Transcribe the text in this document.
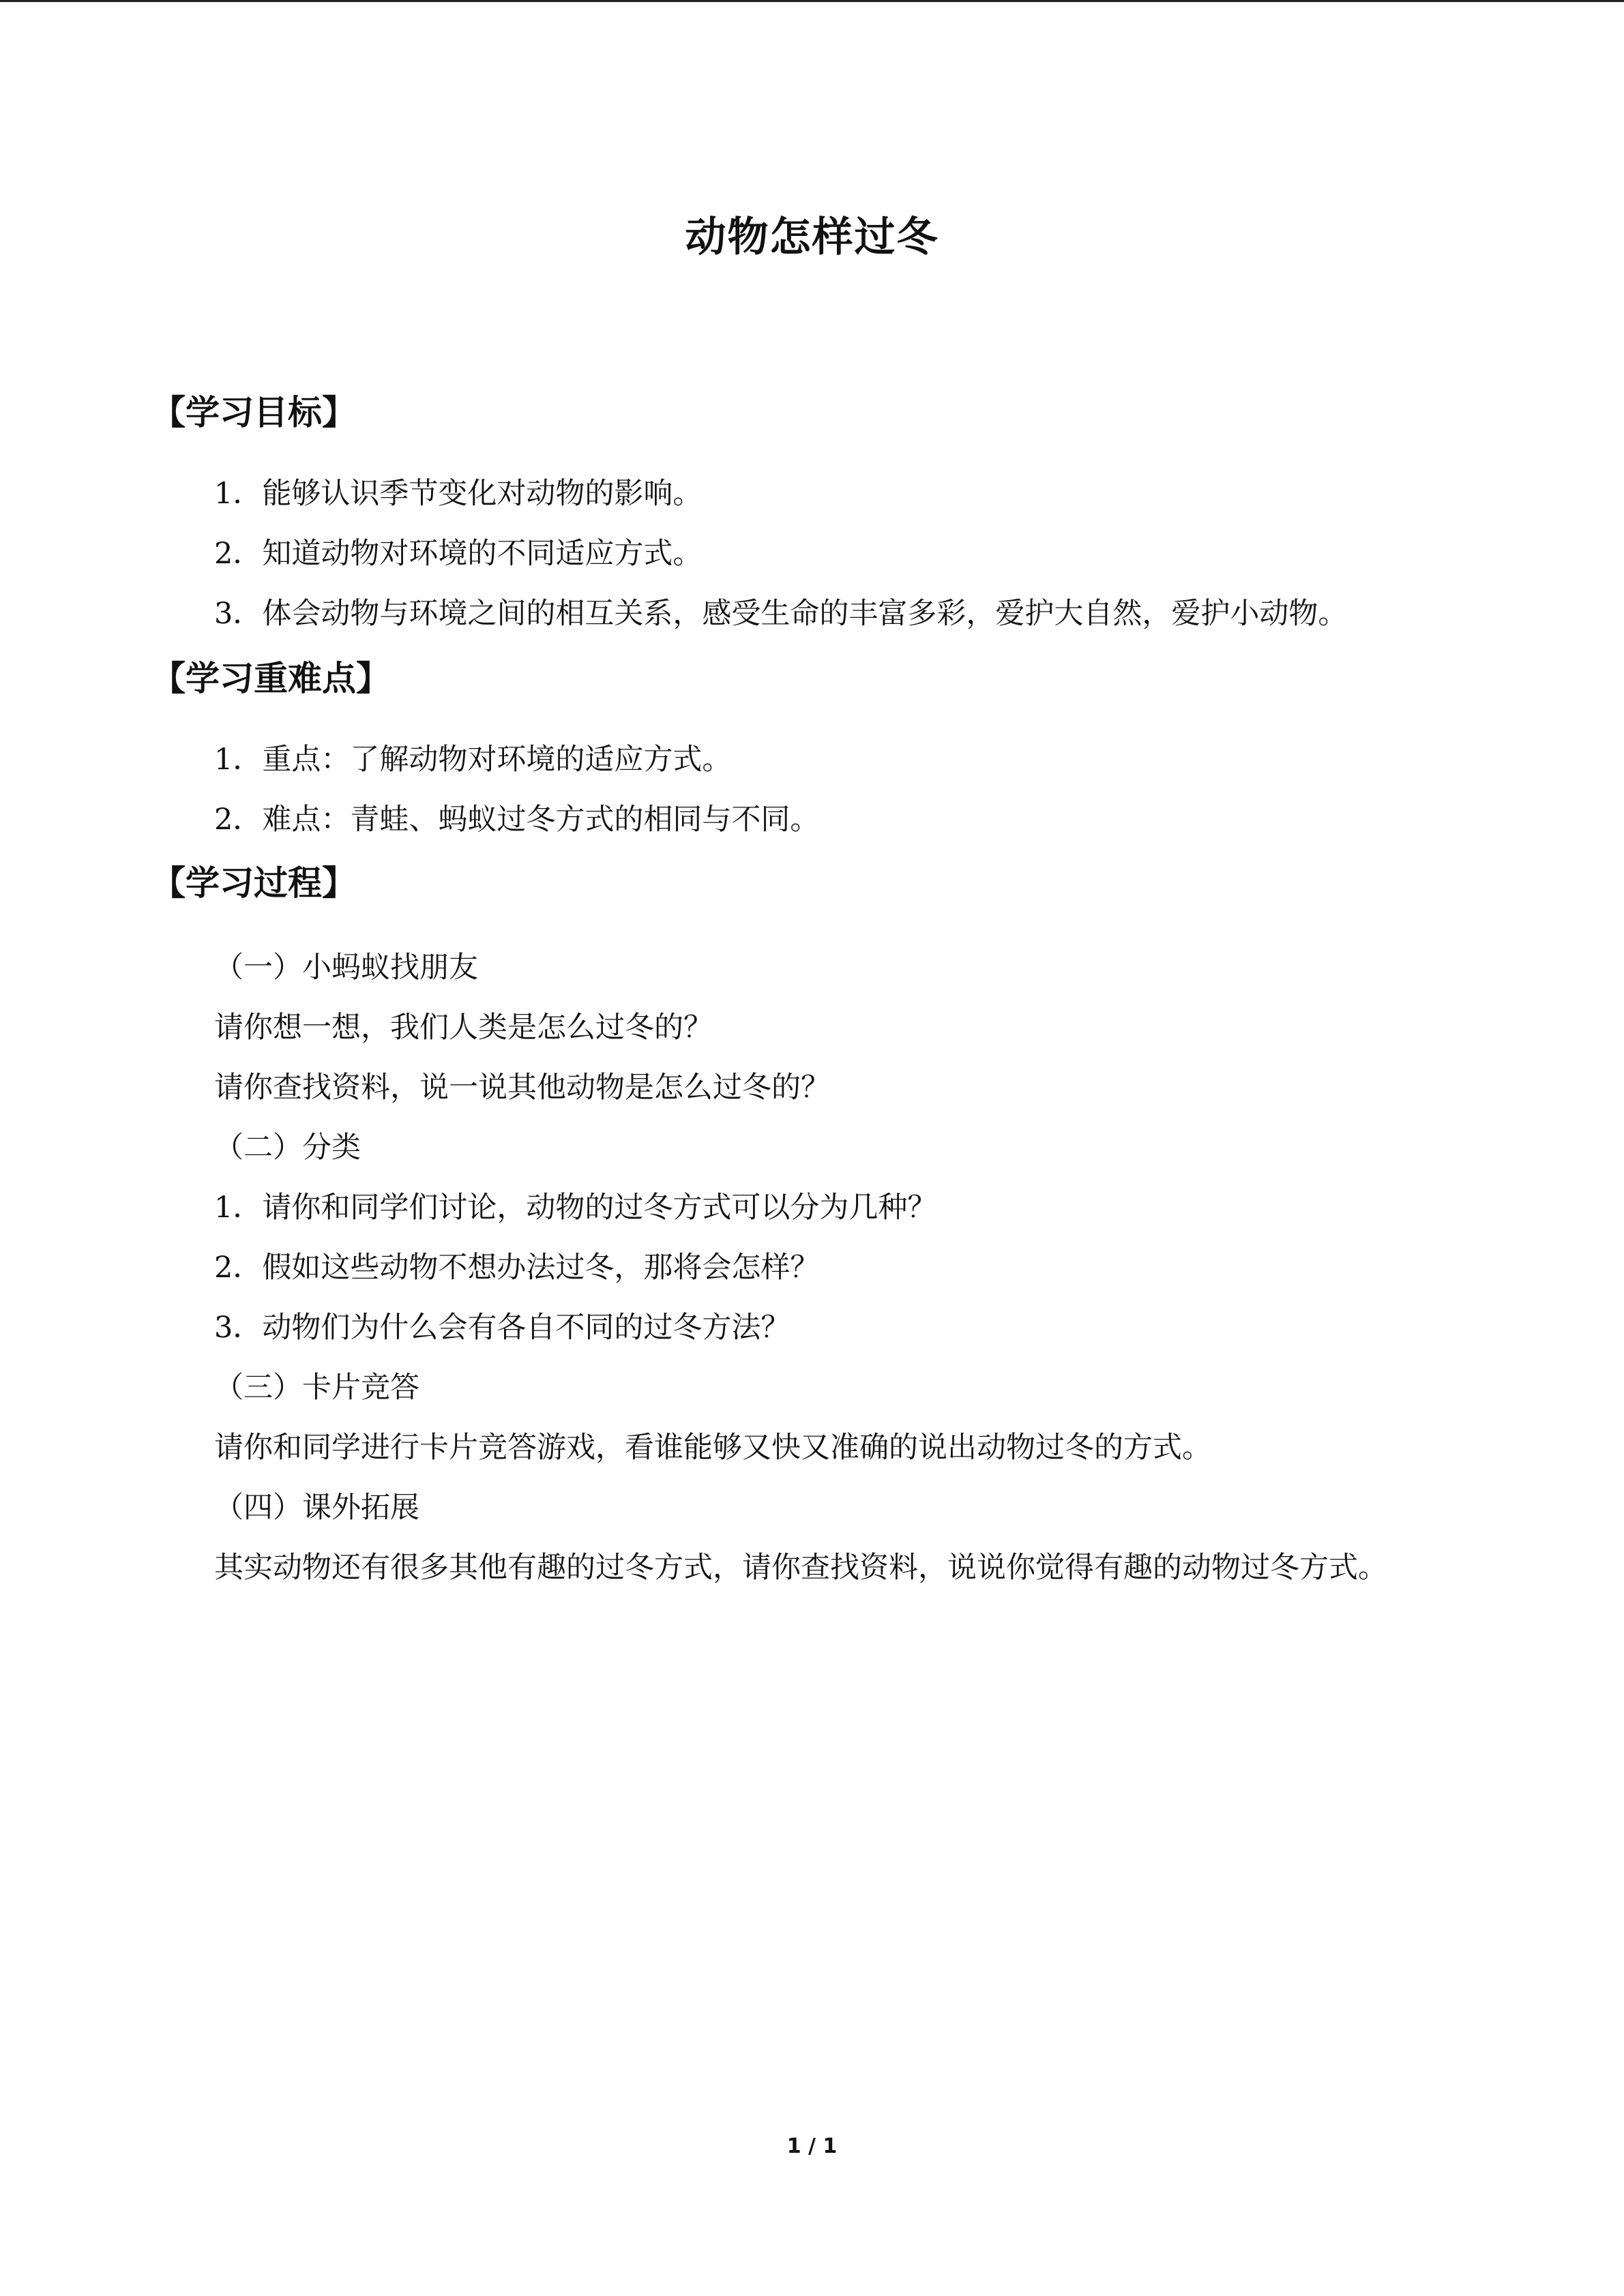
动物怎样过冬
【学习目标】
1．能够认识季节变化对动物的影响。
2．知道动物对环境的不同适应方式。
3．体会动物与环境之间的相互关系，感受生命的丰富多彩，爱护大自然，爱护小动物。
【学习重难点】
1．重点：了解动物对环境的适应方式。
2．难点：青蛙、蚂蚁过冬方式的相同与不同。
【学习过程】
（一）小蚂蚁找朋友
请你想一想，我们人类是怎么过冬的？
请你查找资料，说一说其他动物是怎么过冬的？
（二）分类
1．请你和同学们讨论，动物的过冬方式可以分为几种？
2．假如这些动物不想办法过冬，那将会怎样？
3．动物们为什么会有各自不同的过冬方法？
（三）卡片竞答
请你和同学进行卡片竞答游戏，看谁能够又快又准确的说出动物过冬的方式。
（四）课外拓展
其实动物还有很多其他有趣的过冬方式，请你查找资料，说说你觉得有趣的动物过冬方式。
1 / 1
